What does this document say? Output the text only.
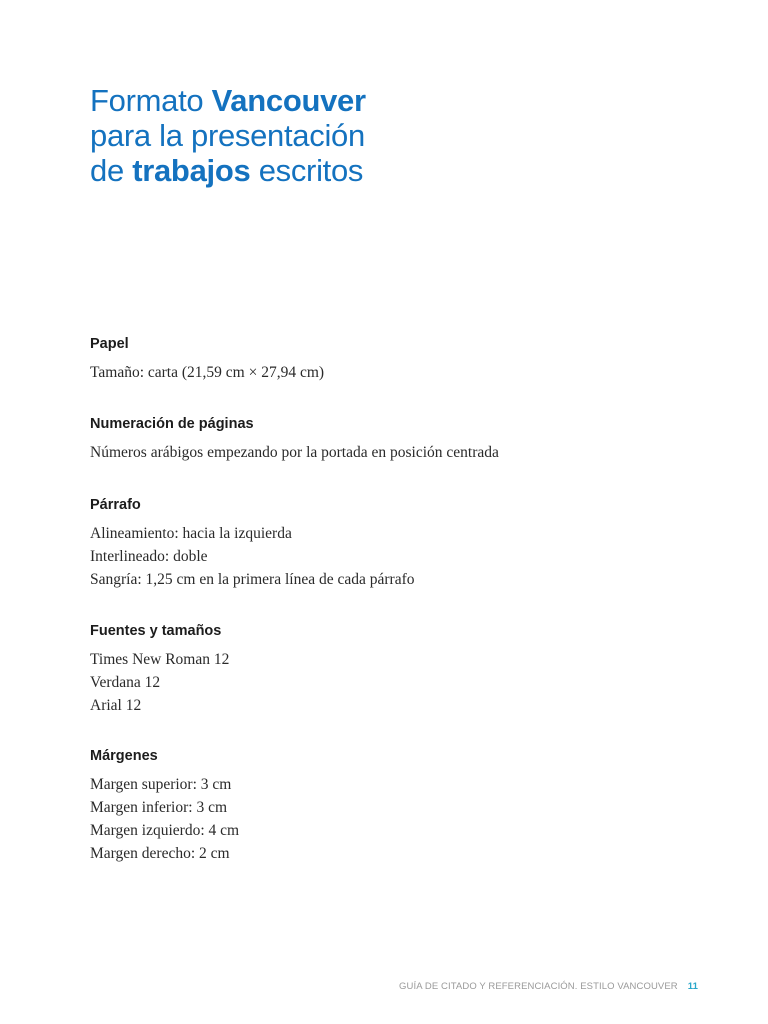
Formato Vancouver
para la presentación
de trabajos escritos
Papel
Tamaño: carta (21,59 cm × 27,94 cm)
Numeración de páginas
Números arábigos empezando por la portada en posición centrada
Párrafo
Alineamiento: hacia la izquierda
Interlineado: doble
Sangría: 1,25 cm en la primera línea de cada párrafo
Fuentes y tamaños
Times New Roman 12
Verdana 12
Arial 12
Márgenes
Margen superior: 3 cm
Margen inferior: 3 cm
Margen izquierdo: 4 cm
Margen derecho: 2 cm
GUÍA DE CITADO Y REFERENCIACIÓN. ESTILO VANCOUVER 11
